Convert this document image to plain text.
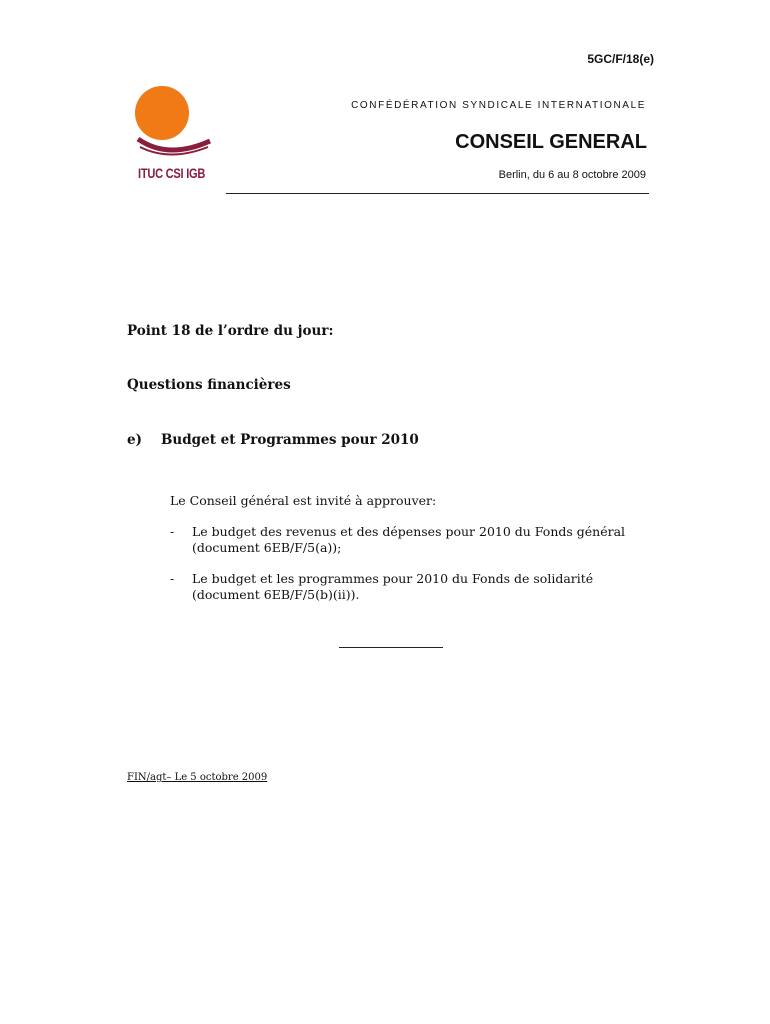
5GC/F/18(e)
ITUC CSI IGB
CONFÉDÉRATION SYNDICALE INTERNATIONALE
CONSEIL GENERAL
Berlin, du 6 au 8 octobre 2009
Point 18 de l’ordre du jour:
Questions financières
e) Budget et Programmes pour 2010
Le Conseil général est invité à approuver:
- Le budget des revenus et des dépenses pour 2010 du Fonds général
(document 6EB/F/5(a));
- Le budget et les programmes pour 2010 du Fonds de solidarité
(document 6EB/F/5(b)(ii)).
FIN/agt– Le 5 octobre 2009
